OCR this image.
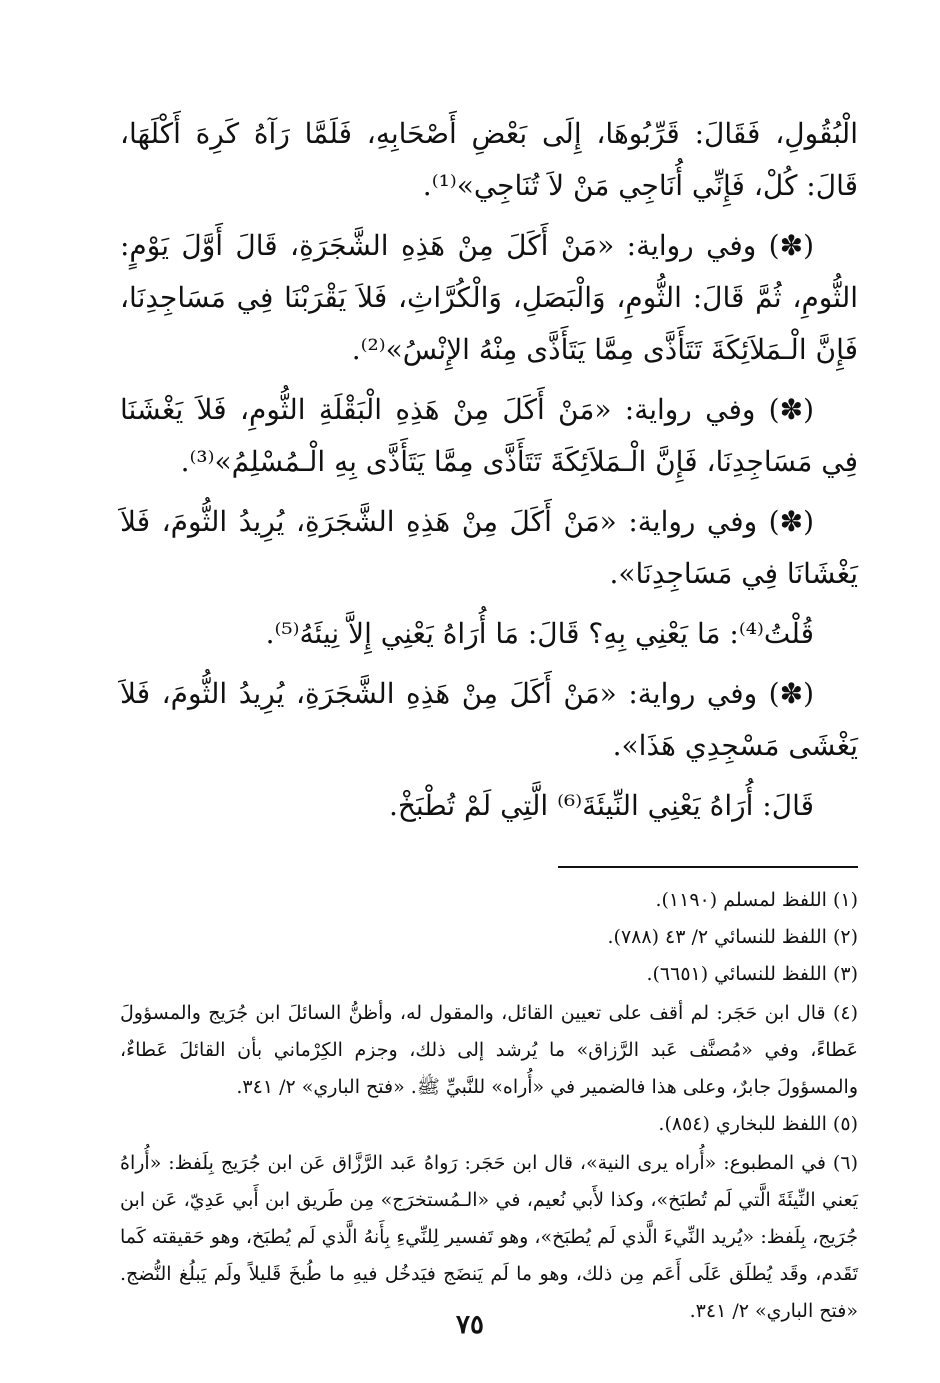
الْبُقُولِ، فَقَالَ: قَرِّبُوهَا، إِلَى بَعْضِ أَصْحَابِهِ، فَلَمَّا رَآهُ كَرِهَ أَكْلَهَا، قَالَ: كُلْ، فَإِنِّي أُنَاجِي مَنْ لاَ تُنَاجِي»⁽¹⁾.

(✽) وفي رواية: «مَنْ أَكَلَ مِنْ هَذِهِ الشَّجَرَةِ، قَالَ أَوَّلَ يَوْمٍ: الثُّومِ، ثُمَّ قَالَ: الثُّومِ، وَالْبَصَلِ، وَالْكُرَّاثِ، فَلاَ يَقْرَبْنَا فِي مَسَاجِدِنَا، فَإِنَّ الْـمَلاَئِكَةَ تَتَأَذَّى مِمَّا يَتَأَذَّى مِنْهُ الإِنْسُ»⁽²⁾.

(✽) وفي رواية: «مَنْ أَكَلَ مِنْ هَذِهِ الْبَقْلَةِ الثُّومِ، فَلاَ يَغْشَنَا فِي مَسَاجِدِنَا، فَإِنَّ الْـمَلاَئِكَةَ تَتَأَذَّى مِمَّا يَتَأَذَّى بِهِ الْـمُسْلِمُ»⁽³⁾.

(✽) وفي رواية: «مَنْ أَكَلَ مِنْ هَذِهِ الشَّجَرَةِ، يُرِيدُ الثُّومَ، فَلاَ يَغْشَانَا فِي مَسَاجِدِنَا».

قُلْتُ⁽⁴⁾: مَا يَعْنِي بِهِ؟ قَالَ: مَا أُرَاهُ يَعْنِي إِلاَّ نِيئَهُ⁽⁵⁾.

(✽) وفي رواية: «مَنْ أَكَلَ مِنْ هَذِهِ الشَّجَرَةِ، يُرِيدُ الثُّومَ، فَلاَ يَغْشَى مَسْجِدِي هَذَا».

قَالَ: أُرَاهُ يَعْنِي النِّيئَةَ⁽⁶⁾ الَّتِي لَمْ تُطْبَخْ.

(١) اللفظ لمسلم (١١٩٠).

(٢) اللفظ للنسائي ٢/ ٤٣ (٧٨٨).

(٣) اللفظ للنسائي (٦٦٥١).

(٤) قال ابن حَجَر: لم أقف على تعيين القائل، والمقول له، وأظنُّ السائلَ ابن جُرَيج والمسؤولَ عَطاءً، وفي «مُصنَّف عَبد الرَّزاق» ما يُرشد إلى ذلك، وجزم الكِرْماني بأن القائلَ عَطاءٌ، والمسؤولَ جابرٌ، وعلى هذا فالضمير في «أُراه» للنَّبيِّ ﷺ. «فتح الباري» ٢/ ٣٤١.

(٥) اللفظ للبخاري (٨٥٤).

(٦) في المطبوع: «أُراه يرى النية»، قال ابن حَجَر: رَواهُ عَبد الرَّزَّاق عَن ابن جُرَيج بِلَفظ: «أُراهُ يَعني النِّيئَةَ الَّتي لَم تُطبَخ»، وكذا لأَبي نُعيم، في «الـمُستخرَج» مِن طَريق ابن أَبي عَدِيّ، عَن ابن جُرَيج، بِلَفظ: «يُريد النِّيءَ الَّذي لَم يُطبَخ»، وهو تَفسير لِلنِّيءِ بِأَنهُ الَّذي لَم يُطبَخ، وهو حَقيقته كَما تَقَدم، وقَد يُطلَق عَلَى أَعَم مِن ذلك، وهو ما لَم يَنضَج فيَدخُل فيهِ ما طُبخَ قَليلاً ولَم يَبلُغ النُّضج. «فتح الباري» ٢/ ٣٤١.

٧٥
